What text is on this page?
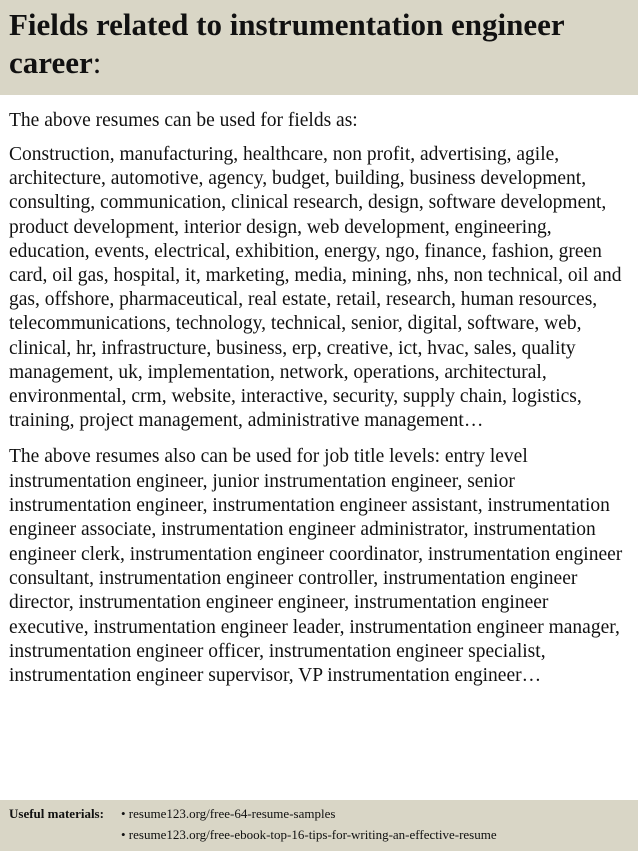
Fields related to instrumentation engineer career:

The above resumes can be used for fields as:

Construction, manufacturing, healthcare, non profit, advertising, agile, architecture, automotive, agency, budget, building, business development, consulting, communication, clinical research, design, software development, product development, interior design, web development, engineering, education, events, electrical, exhibition, energy, ngo, finance, fashion, green card, oil gas, hospital, it, marketing, media, mining, nhs, non technical, oil and gas, offshore, pharmaceutical, real estate, retail, research, human resources, telecommunications, technology, technical, senior, digital, software, web, clinical, hr, infrastructure, business, erp, creative, ict, hvac, sales, quality management, uk, implementation, network, operations, architectural, environmental, crm, website, interactive, security, supply chain, logistics, training, project management, administrative management…

The above resumes also can be used for job title levels: entry level instrumentation engineer, junior instrumentation engineer, senior instrumentation engineer, instrumentation engineer assistant, instrumentation engineer associate, instrumentation engineer administrator, instrumentation engineer clerk, instrumentation engineer coordinator, instrumentation engineer consultant, instrumentation engineer controller, instrumentation engineer director, instrumentation engineer engineer, instrumentation engineer executive, instrumentation engineer leader, instrumentation engineer manager, instrumentation engineer officer, instrumentation engineer specialist, instrumentation engineer supervisor, VP instrumentation engineer…

Useful materials:	• resume123.org/free-64-resume-samples
• resume123.org/free-ebook-top-16-tips-for-writing-an-effective-resume
